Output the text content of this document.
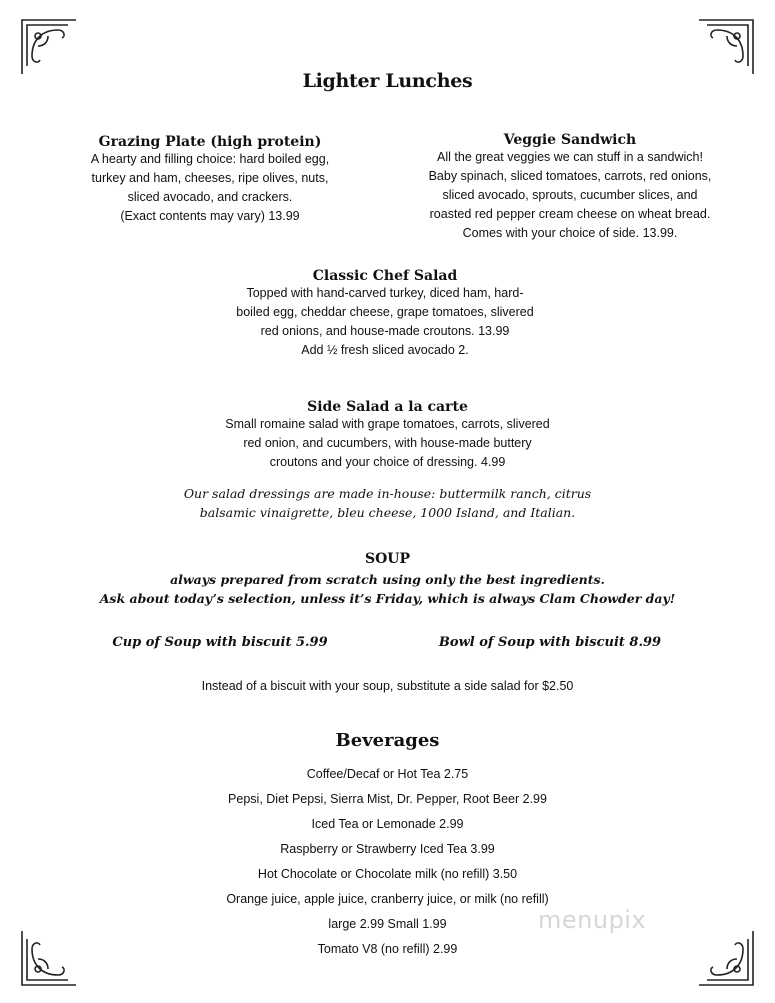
Lighter Lunches
Grazing Plate (high protein)
A hearty and filling choice: hard boiled egg,
turkey and ham, cheeses, ripe olives, nuts,
sliced avocado, and crackers.
(Exact contents may vary) 13.99
Veggie Sandwich
All the great veggies we can stuff in a sandwich!
Baby spinach, sliced tomatoes, carrots, red onions,
sliced avocado, sprouts, cucumber slices, and
roasted red pepper cream cheese on wheat bread.
Comes with your choice of side. 13.99.
Classic Chef Salad
Topped with hand-carved turkey, diced ham, hard-
boiled egg, cheddar cheese, grape tomatoes, slivered
red onions, and house-made croutons. 13.99
Add ½ fresh sliced avocado 2.
Side Salad a la carte
Small romaine salad with grape tomatoes, carrots, slivered
red onion, and cucumbers, with house-made buttery
croutons and your choice of dressing. 4.99
Our salad dressings are made in-house: buttermilk ranch, citrus
balsamic vinaigrette, bleu cheese, 1000 Island, and Italian.
SOUP
always prepared from scratch using only the best ingredients.
Ask about today’s selection, unless it’s Friday, which is always Clam Chowder day!
Cup of Soup with biscuit 5.99	Bowl of Soup with biscuit 8.99
Instead of a biscuit with your soup, substitute a side salad for $2.50
Beverages
Coffee/Decaf or Hot Tea 2.75
Pepsi, Diet Pepsi, Sierra Mist, Dr. Pepper, Root Beer 2.99
Iced Tea or Lemonade 2.99
Raspberry or Strawberry Iced Tea 3.99
Hot Chocolate or Chocolate milk (no refill) 3.50
Orange juice, apple juice, cranberry juice, or milk (no refill)
large 2.99 Small 1.99
Tomato V8 (no refill) 2.99
menupix
